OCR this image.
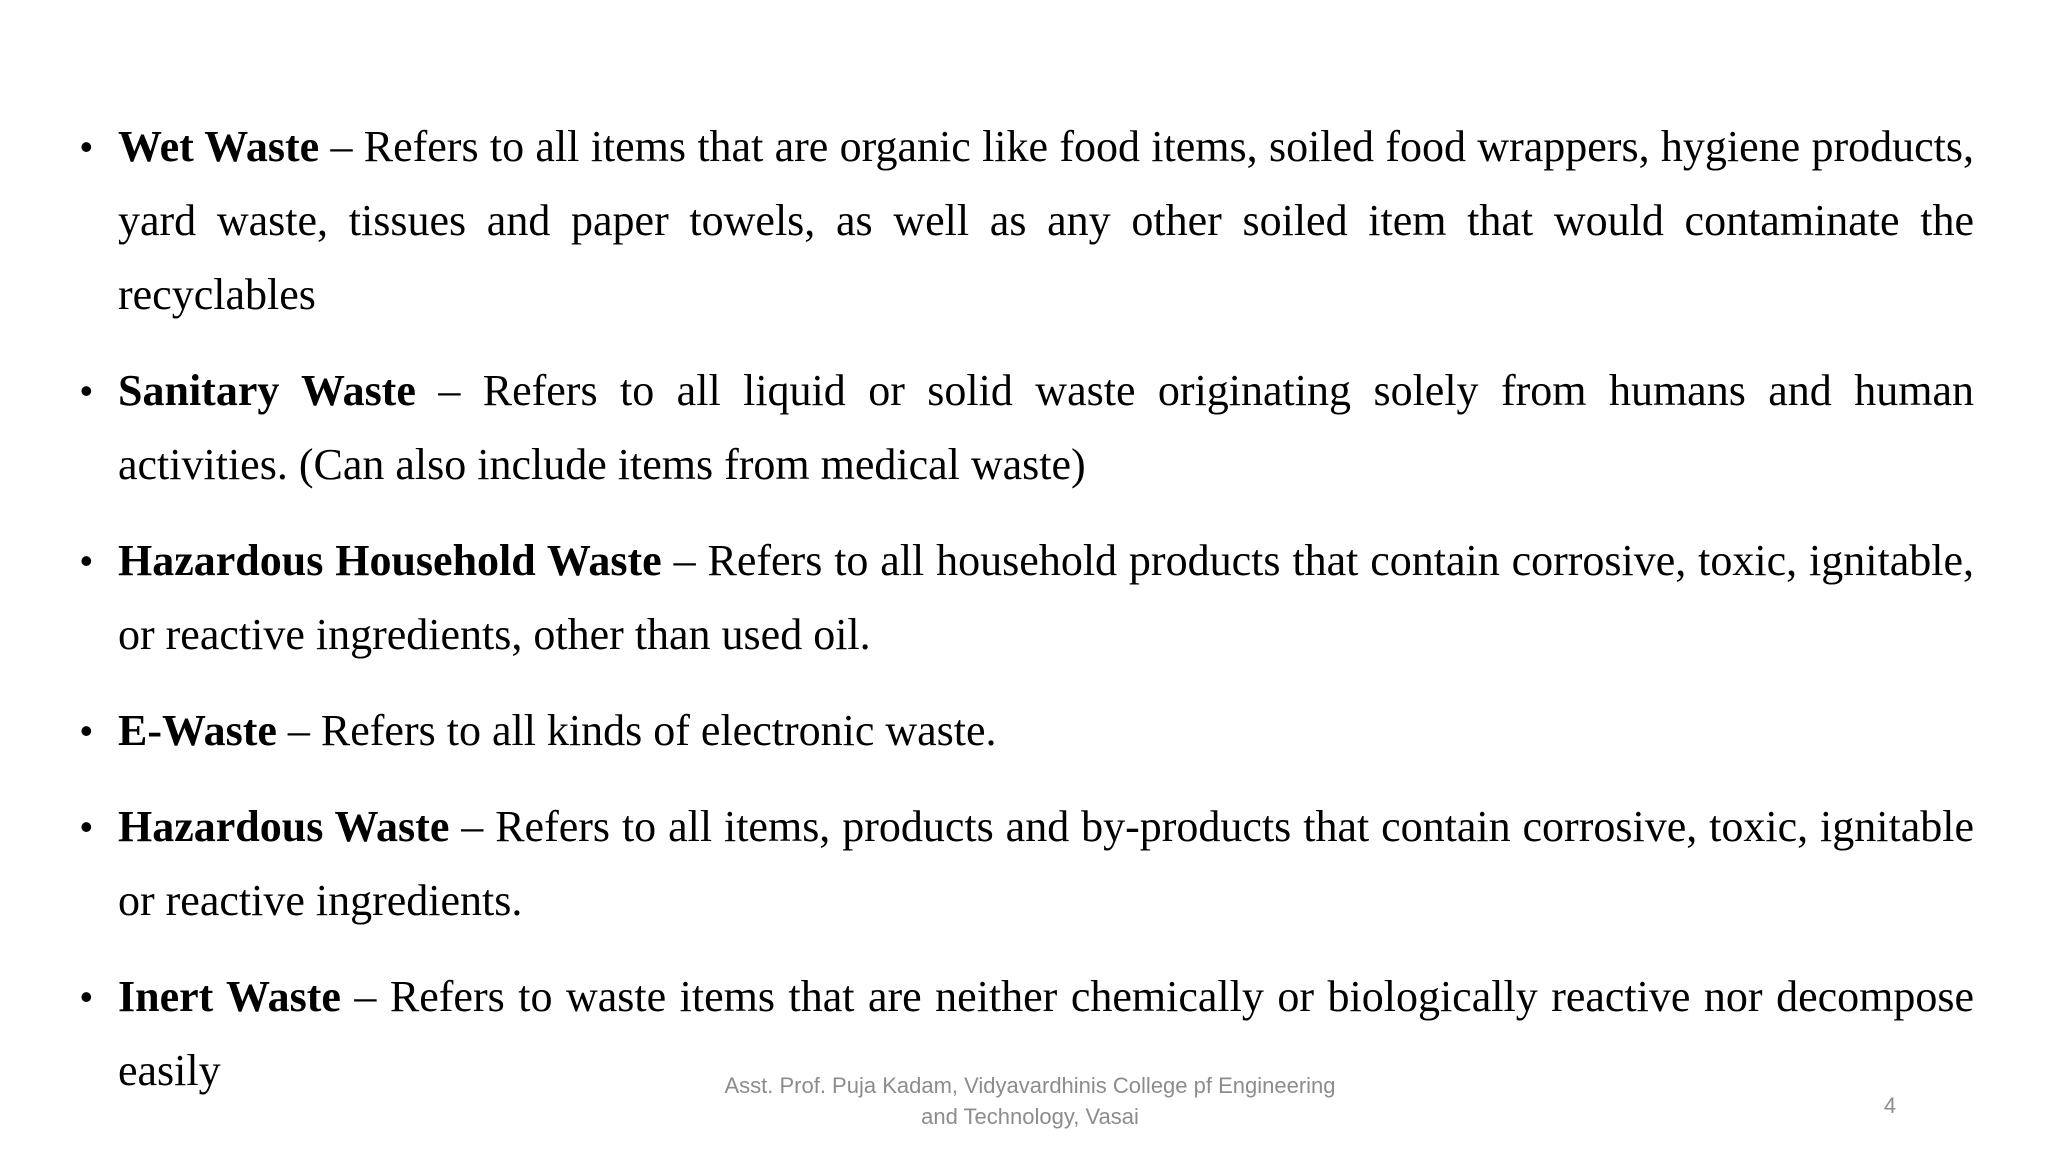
• Wet Waste – Refers to all items that are organic like food items, soiled food wrappers, hygiene products, yard waste, tissues and paper towels, as well as any other soiled item that would contaminate the recyclables
• Sanitary Waste – Refers to all liquid or solid waste originating solely from humans and human activities. (Can also include items from medical waste)
• Hazardous Household Waste – Refers to all household products that contain corrosive, toxic, ignitable, or reactive ingredients, other than used oil.
• E-Waste – Refers to all kinds of electronic waste.
• Hazardous Waste – Refers to all items, products and by-products that contain corrosive, toxic, ignitable or reactive ingredients.
• Inert Waste – Refers to waste items that are neither chemically or biologically reactive nor decompose easily	Asst. Prof. Puja Kadam, Vidyavardhinis College pf Engineering
and Technology, Vasai	4
